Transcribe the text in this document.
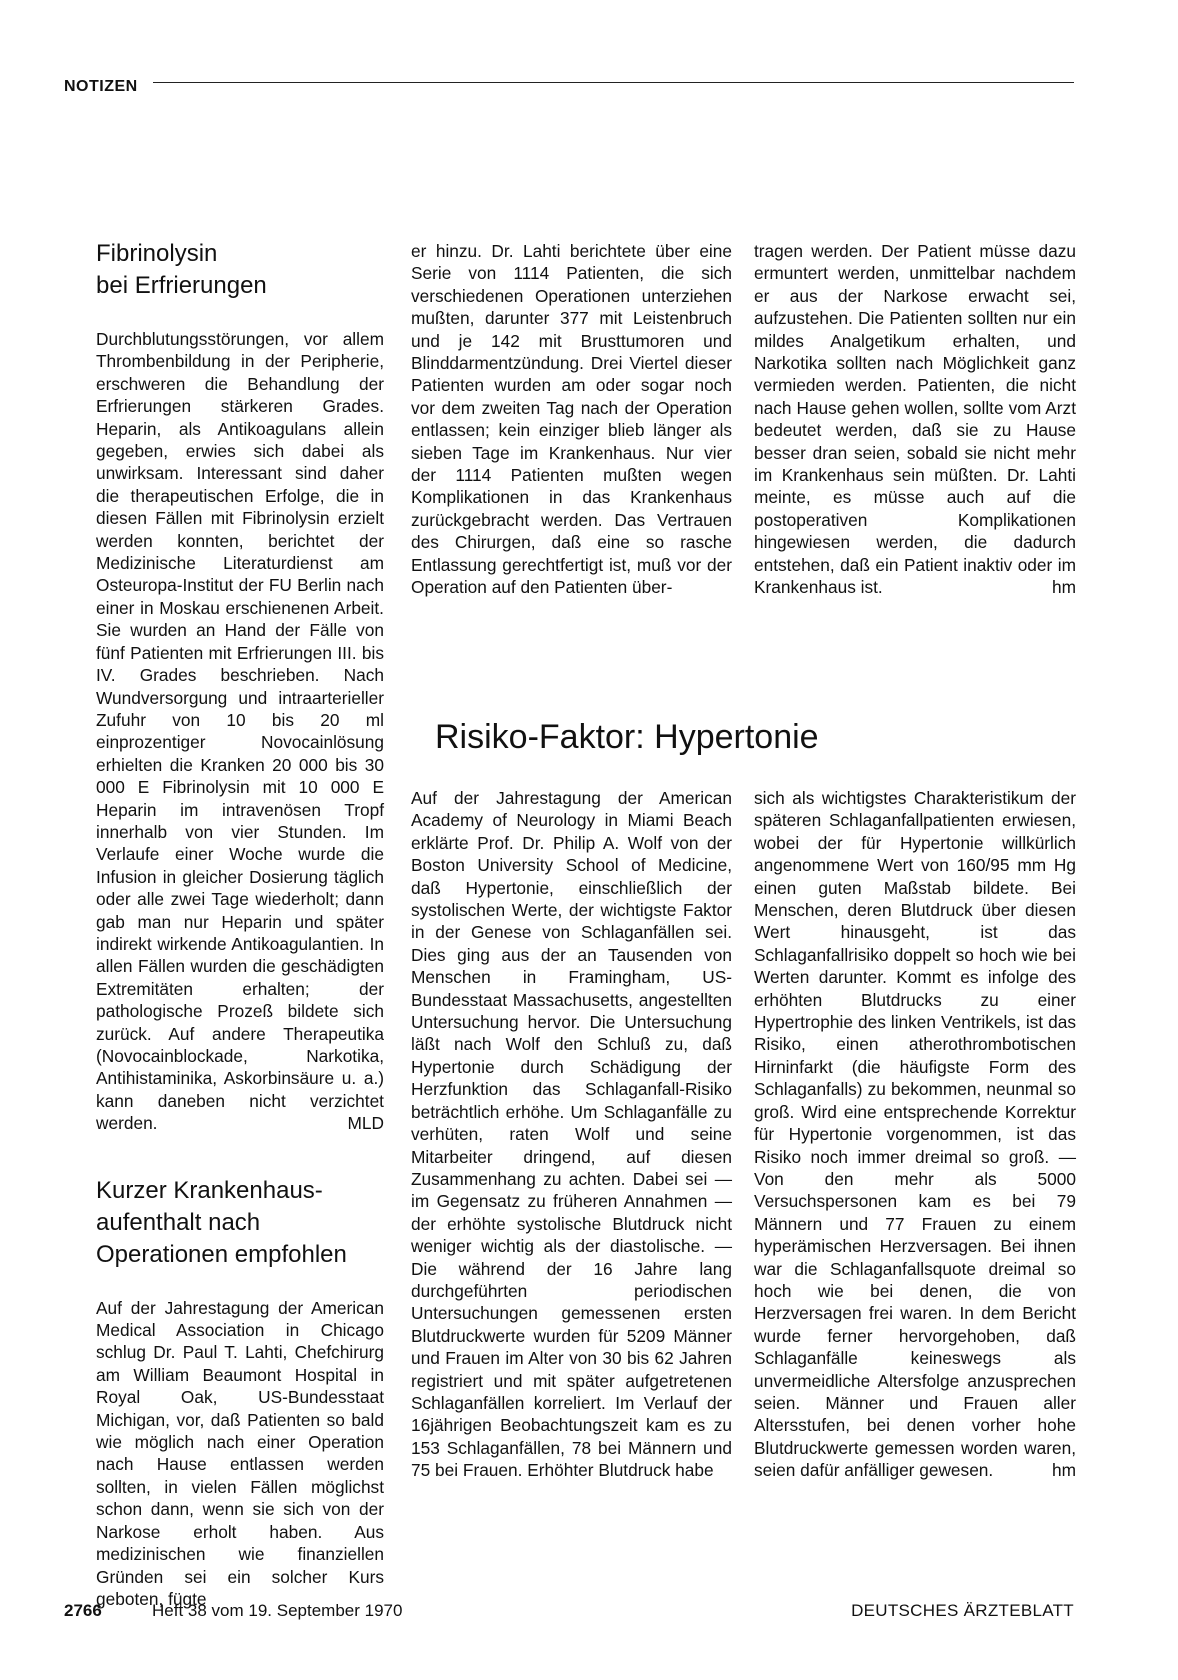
NOTIZEN
Fibrinolysin
bei Erfrierungen

Durchblutungsstörungen, vor allem Thrombenbildung in der Peripherie, erschweren die Behandlung der Erfrierungen stärkeren Grades. Heparin, als Antikoagulans allein gegeben, erwies sich dabei als unwirksam. Interessant sind daher die therapeutischen Erfolge, die in diesen Fällen mit Fibrinolysin erzielt werden konnten, berichtet der Medizinische Literaturdienst am Osteuropa-Institut der FU Berlin nach einer in Moskau erschienenen Arbeit. Sie wurden an Hand der Fälle von fünf Patienten mit Erfrierungen III. bis IV. Grades beschrieben. Nach Wundversorgung und intraarterieller Zufuhr von 10 bis 20 ml einprozentiger Novocainlösung erhielten die Kranken 20 000 bis 30 000 E Fibrinolysin mit 10 000 E Heparin im intravenösen Tropf innerhalb von vier Stunden. Im Verlaufe einer Woche wurde die Infusion in gleicher Dosierung täglich oder alle zwei Tage wiederholt; dann gab man nur Heparin und später indirekt wirkende Antikoagulantien. In allen Fällen wurden die geschädigten Extremitäten erhalten; der pathologische Prozeß bildete sich zurück. Auf andere Therapeutika (Novocainblockade, Narkotika, Antihistaminika, Askorbinsäure u. a.) kann daneben nicht verzichtet werden.	MLD

Kurzer Krankenhaus-
aufenthalt nach
Operationen empfohlen

Auf der Jahrestagung der American Medical Association in Chicago schlug Dr. Paul T. Lahti, Chefchirurg am William Beaumont Hospital in Royal Oak, US-Bundesstaat Michigan, vor, daß Patienten so bald wie möglich nach einer Operation nach Hause entlassen werden sollten, in vielen Fällen möglichst schon dann, wenn sie sich von der Narkose erholt haben. Aus medizinischen wie finanziellen Gründen sei ein solcher Kurs geboten, fügte

er hinzu. Dr. Lahti berichtete über eine Serie von 1114 Patienten, die sich verschiedenen Operationen unterziehen mußten, darunter 377 mit Leistenbruch und je 142 mit Brusttumoren und Blinddarmentzündung. Drei Viertel dieser Patienten wurden am oder sogar noch vor dem zweiten Tag nach der Operation entlassen; kein einziger blieb länger als sieben Tage im Krankenhaus. Nur vier der 1114 Patienten mußten wegen Komplikationen in das Krankenhaus zurückgebracht werden. Das Vertrauen des Chirurgen, daß eine so rasche Entlassung gerechtfertigt ist, muß vor der Operation auf den Patienten über-

tragen werden. Der Patient müsse dazu ermuntert werden, unmittelbar nachdem er aus der Narkose erwacht sei, aufzustehen. Die Patienten sollten nur ein mildes Analgetikum erhalten, und Narkotika sollten nach Möglichkeit ganz vermieden werden. Patienten, die nicht nach Hause gehen wollen, sollte vom Arzt bedeutet werden, daß sie zu Hause besser dran seien, sobald sie nicht mehr im Krankenhaus sein müßten. Dr. Lahti meinte, es müsse auch auf die postoperativen Komplikationen hingewiesen werden, die dadurch entstehen, daß ein Patient inaktiv oder im Krankenhaus ist.	hm

Risiko-Faktor: Hypertonie

Auf der Jahrestagung der American Academy of Neurology in Miami Beach erklärte Prof. Dr. Philip A. Wolf von der Boston University School of Medicine, daß Hypertonie, einschließlich der systolischen Werte, der wichtigste Faktor in der Genese von Schlaganfällen sei. Dies ging aus der an Tausenden von Menschen in Framingham, US-Bundesstaat Massachusetts, angestellten Untersuchung hervor. Die Untersuchung läßt nach Wolf den Schluß zu, daß Hypertonie durch Schädigung der Herzfunktion das Schlaganfall-Risiko beträchtlich erhöhe. Um Schlaganfälle zu verhüten, raten Wolf und seine Mitarbeiter dringend, auf diesen Zusammenhang zu achten. Dabei sei — im Gegensatz zu früheren Annahmen — der erhöhte systolische Blutdruck nicht weniger wichtig als der diastolische. — Die während der 16 Jahre lang durchgeführten periodischen Untersuchungen gemessenen ersten Blutdruckwerte wurden für 5209 Männer und Frauen im Alter von 30 bis 62 Jahren registriert und mit später aufgetretenen Schlaganfällen korreliert. Im Verlauf der 16jährigen Beobachtungszeit kam es zu 153 Schlaganfällen, 78 bei Männern und 75 bei Frauen. Erhöhter Blutdruck habe

sich als wichtigstes Charakteristikum der späteren Schlaganfallpatienten erwiesen, wobei der für Hypertonie willkürlich angenommene Wert von 160/95 mm Hg einen guten Maßstab bildete. Bei Menschen, deren Blutdruck über diesen Wert hinausgeht, ist das Schlaganfallrisiko doppelt so hoch wie bei Werten darunter. Kommt es infolge des erhöhten Blutdrucks zu einer Hypertrophie des linken Ventrikels, ist das Risiko, einen atherothrombotischen Hirninfarkt (die häufigste Form des Schlaganfalls) zu bekommen, neunmal so groß. Wird eine entsprechende Korrektur für Hypertonie vorgenommen, ist das Risiko noch immer dreimal so groß. — Von den mehr als 5000 Versuchspersonen kam es bei 79 Männern und 77 Frauen zu einem hyperämischen Herzversagen. Bei ihnen war die Schlaganfallsquote dreimal so hoch wie bei denen, die von Herzversagen frei waren. In dem Bericht wurde ferner hervorgehoben, daß Schlaganfälle keineswegs als unvermeidliche Altersfolge anzusprechen seien. Männer und Frauen aller Altersstufen, bei denen vorher hohe Blutdruckwerte gemessen worden waren, seien dafür anfälliger gewesen.	hm

2766	Heft 38 vom 19. September 1970	DEUTSCHES ÄRZTEBLATT
